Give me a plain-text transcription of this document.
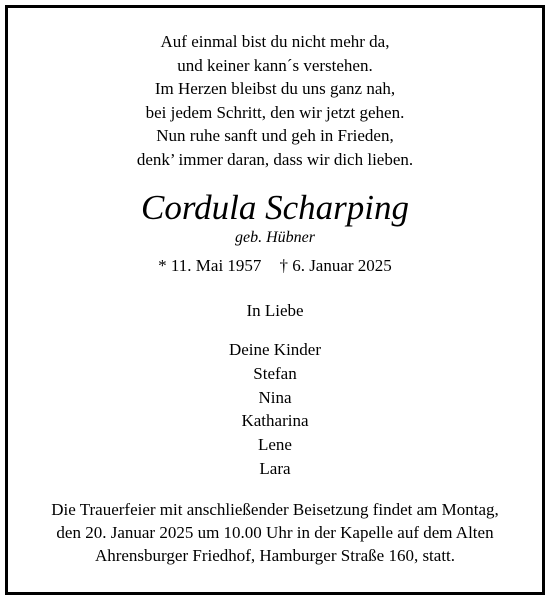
Auf einmal bist du nicht mehr da,
und keiner kann´s verstehen.
Im Herzen bleibst du uns ganz nah,
bei jedem Schritt, den wir jetzt gehen.
Nun ruhe sanft und geh in Frieden,
denk’ immer daran, dass wir dich lieben.
Cordula Scharping
geb. Hübner
* 11. Mai 1957 † 6. Januar 2025
In Liebe
Deine Kinder
Stefan
Nina
Katharina
Lene
Lara
Die Trauerfeier mit anschließender Beisetzung findet am Montag,
den 20. Januar 2025 um 10.00 Uhr in der Kapelle auf dem Alten
Ahrensburger Friedhof, Hamburger Straße 160, statt.
